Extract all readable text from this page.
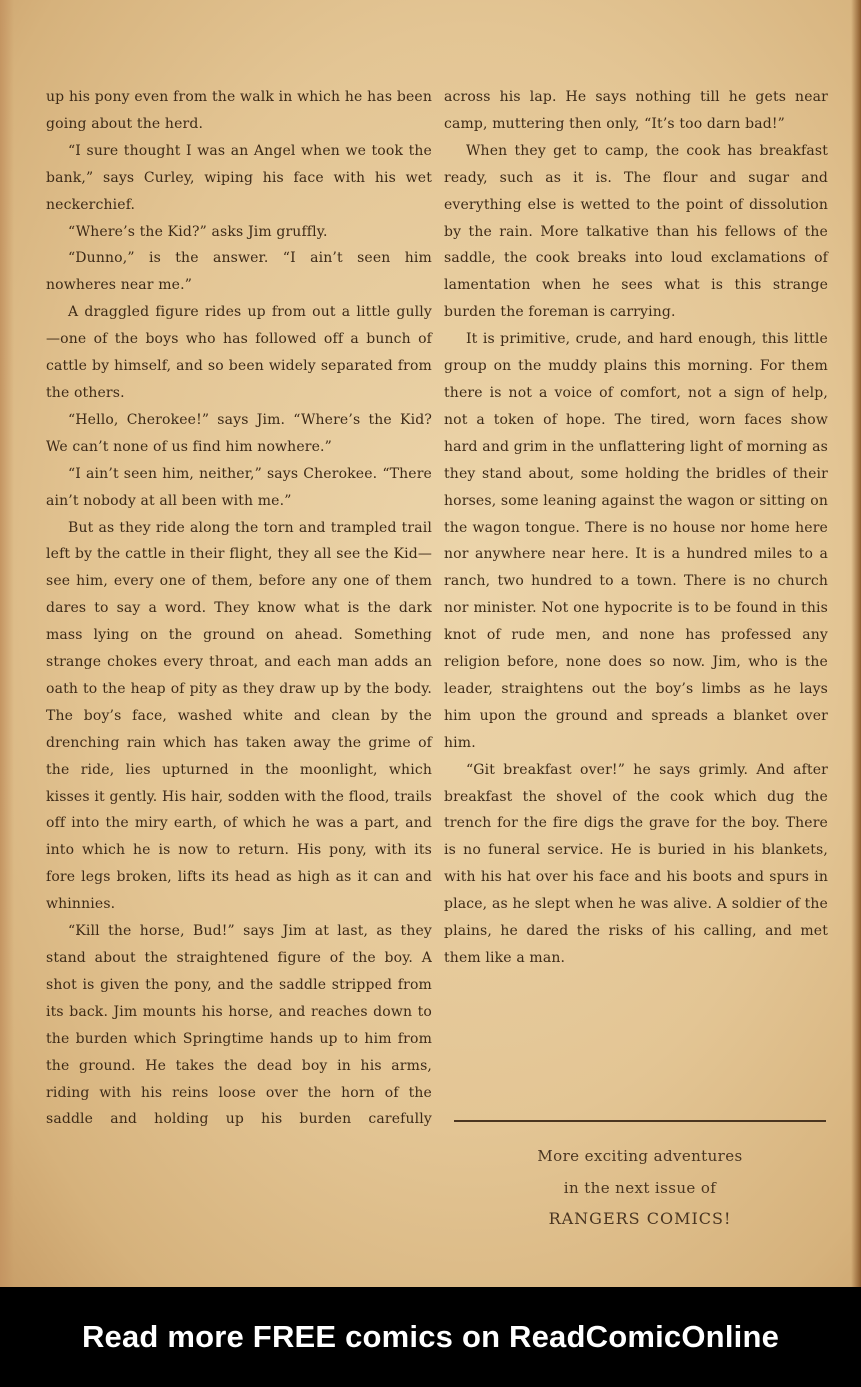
up his pony even from the walk in which he has been going about the herd.

“I sure thought I was an Angel when we took the bank,” says Curley, wiping his face with his wet neckerchief.

“Where’s the Kid?” asks Jim gruffly.

“Dunno,” is the answer. “I ain’t seen him nowheres near me.”

A draggled figure rides up from out a little gully—one of the boys who has followed off a bunch of cattle by himself, and so been widely separated from the others.

“Hello, Cherokee!” says Jim. “Where’s the Kid? We can’t none of us find him nowhere.”

“I ain’t seen him, neither,” says Cherokee. “There ain’t nobody at all been with me.”

But as they ride along the torn and trampled trail left by the cattle in their flight, they all see the Kid—see him, every one of them, before any one of them dares to say a word. They know what is the dark mass lying on the ground on ahead. Something strange chokes every throat, and each man adds an oath to the heap of pity as they draw up by the body. The boy’s face, washed white and clean by the drenching rain which has taken away the grime of the ride, lies upturned in the moonlight, which kisses it gently. His hair, sodden with the flood, trails off into the miry earth, of which he was a part, and into which he is now to return. His pony, with its fore legs broken, lifts its head as high as it can and whinnies.

“Kill the horse, Bud!” says Jim at last, as they stand about the straightened figure of the boy. A shot is given the pony, and the saddle stripped from its back. Jim mounts his horse, and reaches down to the burden which Springtime hands up to him from the ground. He takes the dead boy in his arms, riding with his reins loose over the horn of the saddle and holding up his burden carefully

across his lap. He says nothing till he gets near camp, muttering then only, “It’s too darn bad!”

When they get to camp, the cook has breakfast ready, such as it is. The flour and sugar and everything else is wetted to the point of dissolution by the rain. More talkative than his fellows of the saddle, the cook breaks into loud exclamations of lamentation when he sees what is this strange burden the foreman is carrying.

It is primitive, crude, and hard enough, this little group on the muddy plains this morning. For them there is not a voice of comfort, not a sign of help, not a token of hope. The tired, worn faces show hard and grim in the unflattering light of morning as they stand about, some holding the bridles of their horses, some leaning against the wagon or sitting on the wagon tongue. There is no house nor home here nor anywhere near here. It is a hundred miles to a ranch, two hundred to a town. There is no church nor minister. Not one hypocrite is to be found in this knot of rude men, and none has professed any religion before, none does so now. Jim, who is the leader, straightens out the boy’s limbs as he lays him upon the ground and spreads a blanket over him.

“Git breakfast over!” he says grimly. And after breakfast the shovel of the cook which dug the trench for the fire digs the grave for the boy. There is no funeral service. He is buried in his blankets, with his hat over his face and his boots and spurs in place, as he slept when he was alive. A soldier of the plains, he dared the risks of his calling, and met them like a man.

More exciting adventures
in the next issue of
RANGERS COMICS!
Read more FREE comics on ReadComicOnline
